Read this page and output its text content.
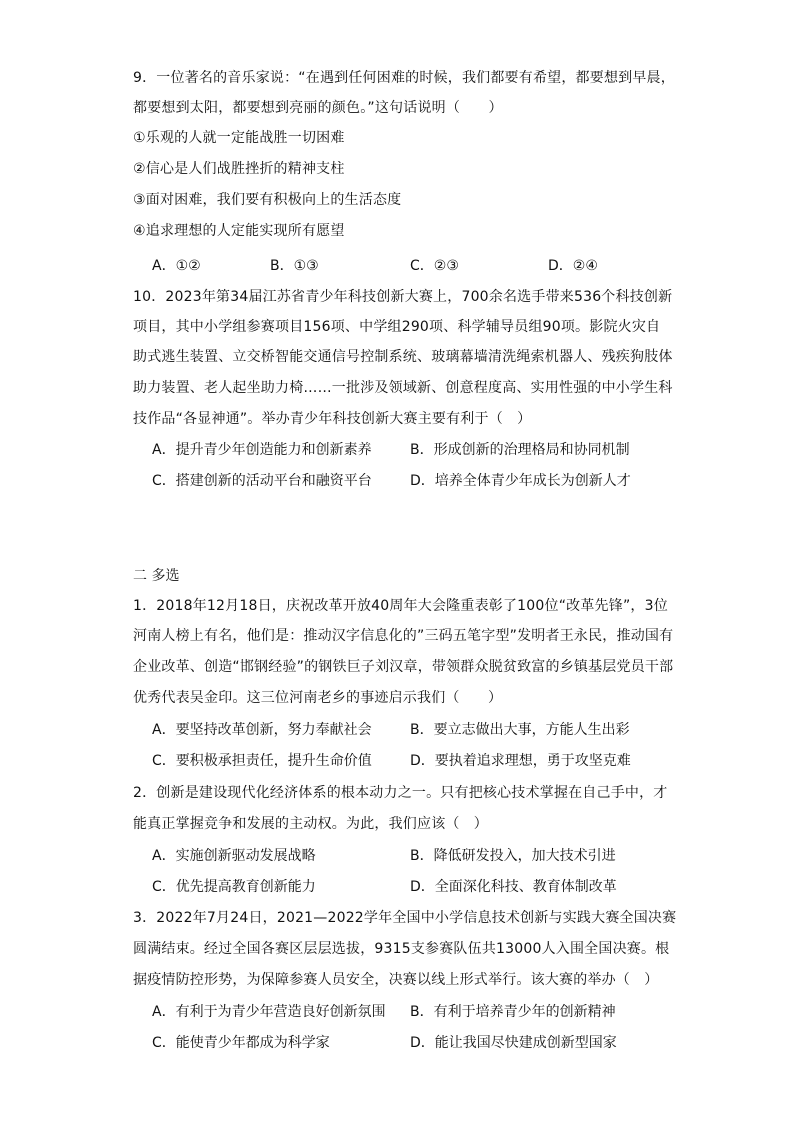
9．一位著名的音乐家说：“在遇到任何困难的时候，我们都要有希望，都要想到早晨，
都要想到太阳，都要想到亮丽的颜色。”这句话说明（　　）
①乐观的人就一定能战胜一切困难
②信心是人们战胜挫折的精神支柱
③面对困难，我们要有积极向上的生活态度
④追求理想的人定能实现所有愿望
A．①②	B．①③	C．②③	D．②④
10．2023年第34届江苏省青少年科技创新大赛上，700余名选手带来536个科技创新
项目，其中小学组参赛项目156项、中学组290项、科学辅导员组90项。影院火灾自
助式逃生装置、立交桥智能交通信号控制系统、玻璃幕墙清洗绳索机器人、残疾狗肢体
助力装置、老人起坐助力椅……一批涉及领域新、创意程度高、实用性强的中小学生科
技作品“各显神通”。举办青少年科技创新大赛主要有利于（　）
A．提升青少年创造能力和创新素养	B．形成创新的治理格局和协同机制
C．搭建创新的活动平台和融资平台	D．培养全体青少年成长为创新人才
二 多选
1．2018年12月18日，庆祝改革开放40周年大会隆重表彰了100位“改革先锋”，3位
河南人榜上有名，他们是：推动汉字信息化的”三码五笔字型”发明者王永民，推动国有
企业改革、创造“邯钢经验”的钢铁巨子刘汉章，带领群众脱贫致富的乡镇基层党员干部
优秀代表吴金印。这三位河南老乡的事迹启示我们（　　）
A．要坚持改革创新，努力奉献社会	B．要立志做出大事，方能人生出彩
C．要积极承担责任，提升生命价值	D．要执着追求理想，勇于攻坚克难
2．创新是建设现代化经济体系的根本动力之一。只有把核心技术掌握在自己手中，才
能真正掌握竞争和发展的主动权。为此，我们应该（　）
A．实施创新驱动发展战略	B．降低研发投入，加大技术引进
C．优先提高教育创新能力	D．全面深化科技、教育体制改革
3．2022年7月24日，2021—2022学年全国中小学信息技术创新与实践大赛全国决赛
圆满结束。经过全国各赛区层层选拔，9315支参赛队伍共13000人入围全国决赛。根
据疫情防控形势，为保障参赛人员安全，决赛以线上形式举行。该大赛的举办（　）
A．有利于为青少年营造良好创新氛围 B．有利于培养青少年的创新精神
C．能使青少年都成为科学家	D．能让我国尽快建成创新型国家
